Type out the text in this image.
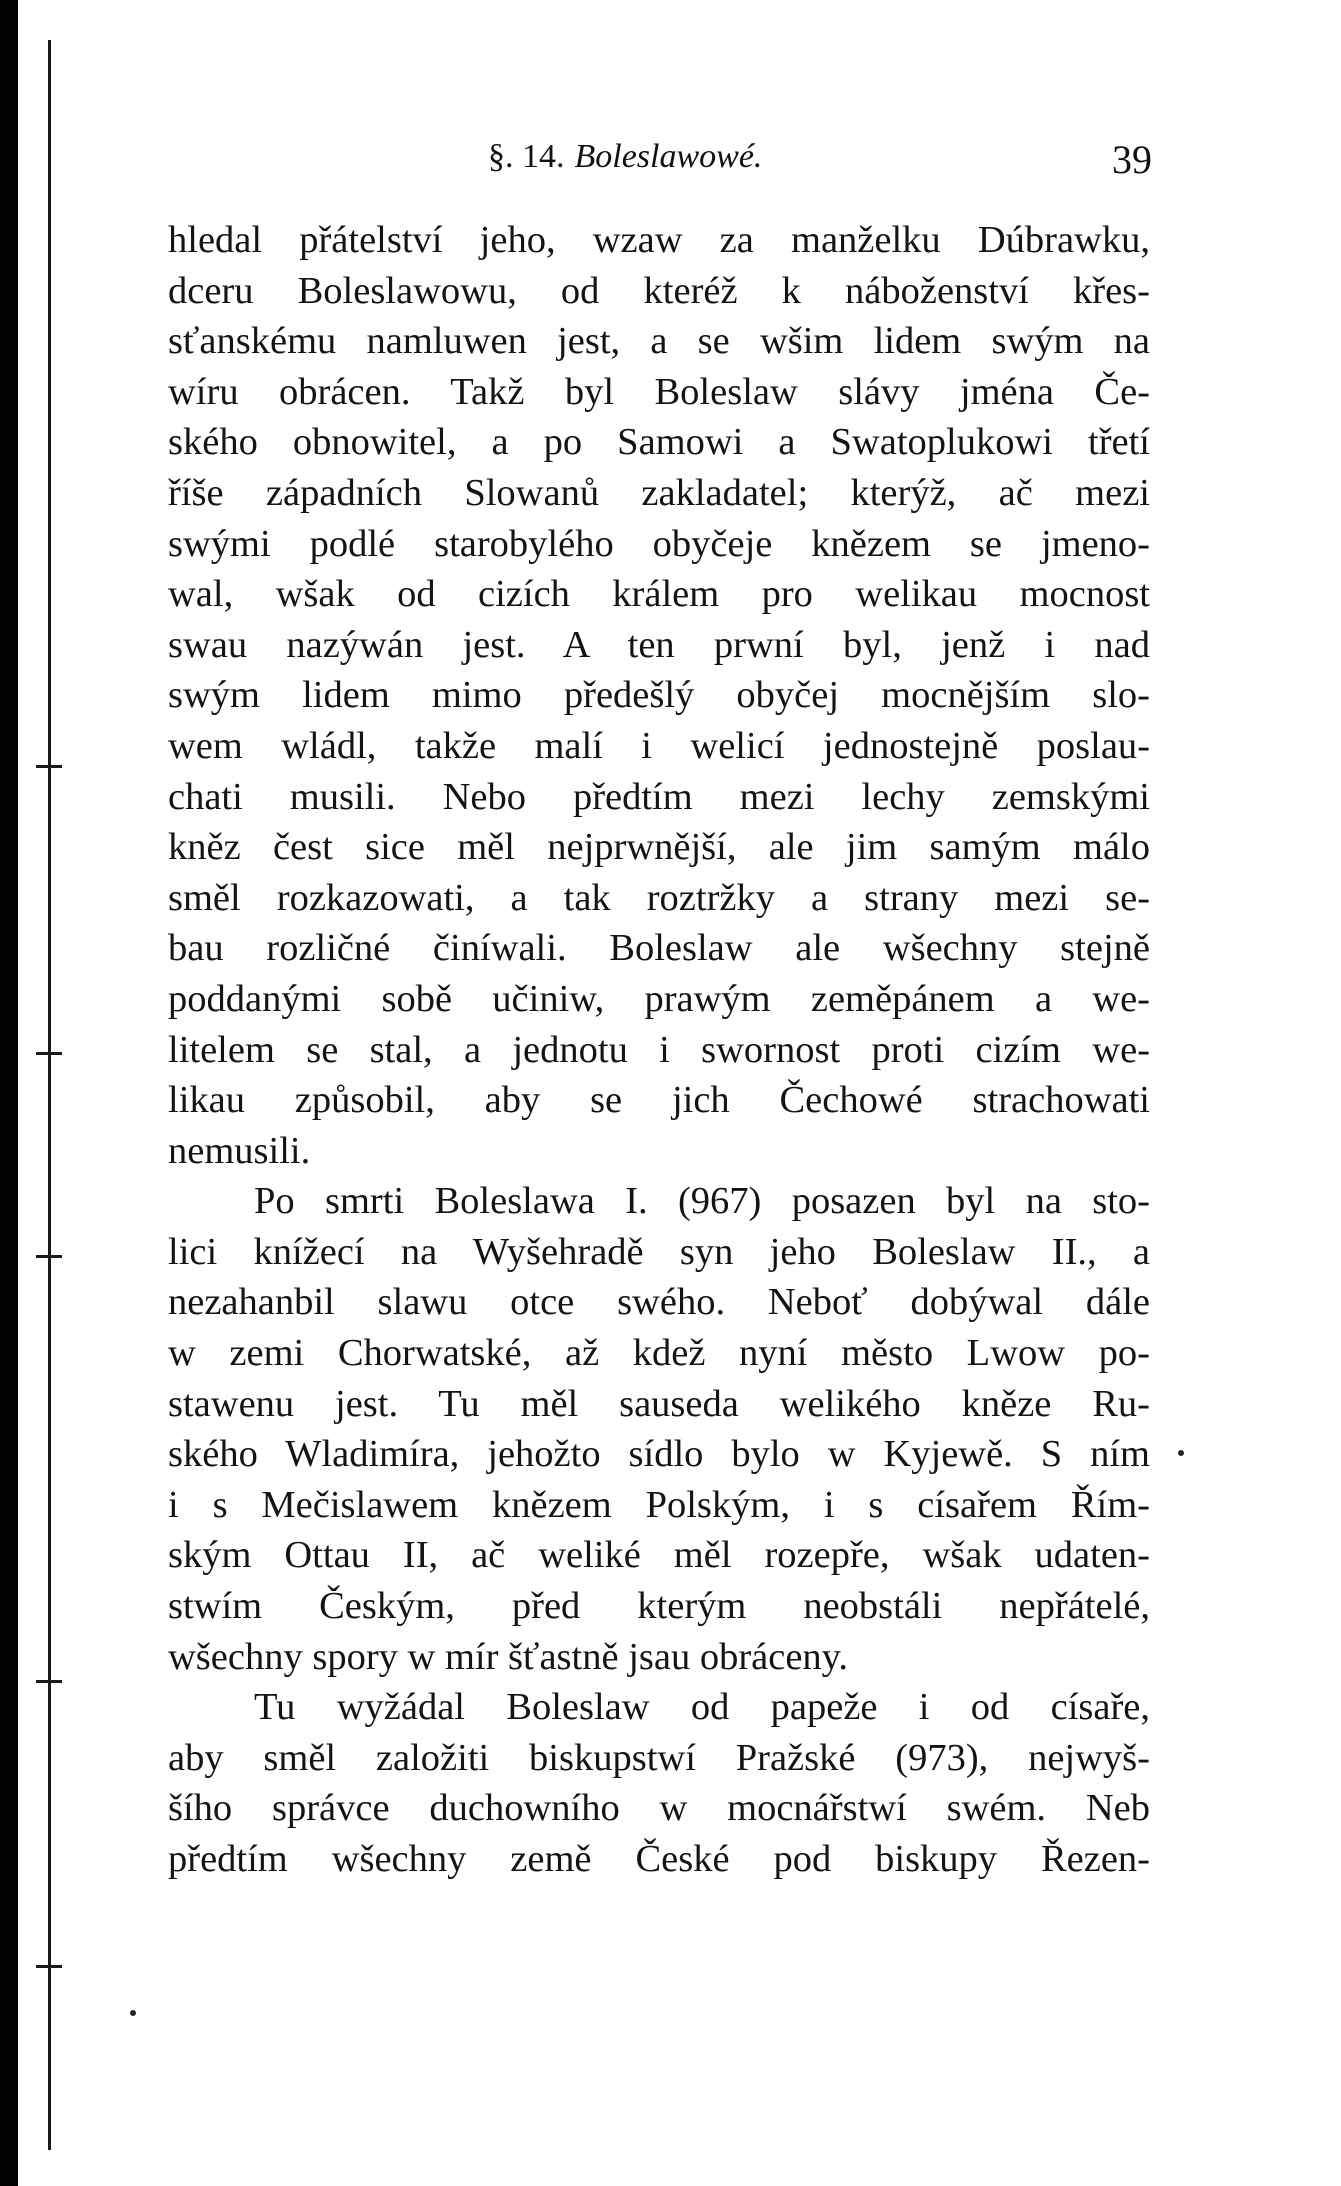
§. 14. Boleslawowé.	39
hledal přátelství jeho, wzaw za manželku Dúbrawku,
dceru Boleslawowu, od kteréž k náboženství křes-
sťanskému namluwen jest, a se wšim lidem swým na
wíru obrácen. Takž byl Boleslaw slávy jména Če-
ského obnowitel, a po Samowi a Swatoplukowi třetí
říše západních Slowanů zakladatel; kterýž, ač mezi
swými podlé starobylého obyčeje knězem se jmeno-
wal, wšak od cizích králem pro welikau mocnost
swau nazýwán jest. A ten prwní byl, jenž i nad
swým lidem mimo předešlý obyčej mocnějším slo-
wem wládl, takže malí i welicí jednostejně poslau-
chati musili. Nebo předtím mezi lechy zemskými
kněz čest sice měl nejprwnější, ale jim samým málo
směl rozkazowati, a tak roztržky a strany mezi se-
bau rozličné činíwali. Boleslaw ale wšechny stejně
poddanými sobě učiniw, prawým zeměpánem a we-
litelem se stal, a jednotu i swornost proti cizím we-
likau způsobil, aby se jich Čechowé strachowati
nemusili.
Po smrti Boleslawa I. (967) posazen byl na sto-
lici knížecí na Wyšehradě syn jeho Boleslaw II., a
nezahanbil slawu otce swého. Neboť dobýwal dále
w zemi Chorwatské, až kdež nyní město Lwow po-
stawenu jest. Tu měl sauseda welikého kněze Ru-
ského Wladimíra, jehožto sídlo bylo w Kyjewě. S ním
i s Mečislawem knězem Polským, i s císařem Řím-
ským Ottau II, ač weliké měl rozepře, wšak udaten-
stwím Českým, před kterým neobstáli nepřátelé,
wšechny spory w mír šťastně jsau obráceny.
Tu wyžádal Boleslaw od papeže i od císaře,
aby směl založiti biskupstwí Pražské (973), nejwyš-
šího správce duchowního w mocnářstwí swém. Neb
předtím wšechny země České pod biskupy Řezen-
